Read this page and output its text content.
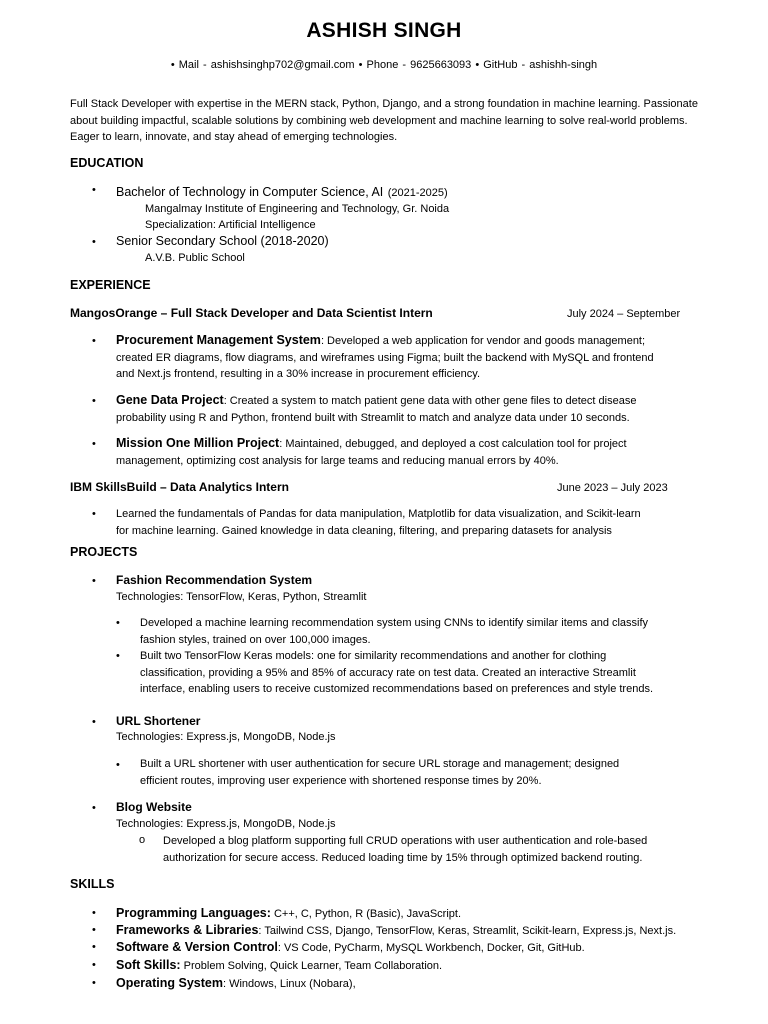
ASHISH SINGH
• Mail - ashishsinghp702@gmail.com • Phone - 9625663093 • GitHub - ashishh-singh
Full Stack Developer with expertise in the MERN stack, Python, Django, and a strong foundation in machine learning. Passionate about building impactful, scalable solutions by combining web development and machine learning to solve real-world problems. Eager to learn, innovate, and stay ahead of emerging technologies.
EDUCATION
• Bachelor of Technology in Computer Science, AI (2021-2025)
Mangalmay Institute of Engineering and Technology, Gr. Noida
Specialization: Artificial Intelligence
• Senior Secondary School (2018-2020)
A.V.B. Public School
EXPERIENCE
MangosOrange – Full Stack Developer and Data Scientist Intern	July 2024 – September
• Procurement Management System: Developed a web application for vendor and goods management;
created ER diagrams, flow diagrams, and wireframes using Figma; built the backend with MySQL and frontend
and Next.js frontend, resulting in a 30% increase in procurement efficiency.
• Gene Data Project: Created a system to match patient gene data with other gene files to detect disease
probability using R and Python, frontend built with Streamlit to match and analyze data under 10 seconds.
• Mission One Million Project: Maintained, debugged, and deployed a cost calculation tool for project
management, optimizing cost analysis for large teams and reducing manual errors by 40%.
IBM SkillsBuild – Data Analytics Intern	June 2023 – July 2023
• Learned the fundamentals of Pandas for data manipulation, Matplotlib for data visualization, and Scikit-learn
for machine learning. Gained knowledge in data cleaning, filtering, and preparing datasets for analysis
PROJECTS
• Fashion Recommendation System
Technologies: TensorFlow, Keras, Python, Streamlit
• Developed a machine learning recommendation system using CNNs to identify similar items and classify
fashion styles, trained on over 100,000 images.
• Built two TensorFlow Keras models: one for similarity recommendations and another for clothing
classification, providing a 95% and 85% of accuracy rate on test data. Created an interactive Streamlit
interface, enabling users to receive customized recommendations based on preferences and style trends.
• URL Shortener
Technologies: Express.js, MongoDB, Node.js
• Built a URL shortener with user authentication for secure URL storage and management; designed
efficient routes, improving user experience with shortened response times by 20%.
• Blog Website
Technologies: Express.js, MongoDB, Node.js
o Developed a blog platform supporting full CRUD operations with user authentication and role-based
authorization for secure access. Reduced loading time by 15% through optimized backend routing.
SKILLS
• Programming Languages: C++, C, Python, R (Basic), JavaScript.
• Frameworks & Libraries: Tailwind CSS, Django, TensorFlow, Keras, Streamlit, Scikit-learn, Express.js, Next.js.
• Software & Version Control: VS Code, PyCharm, MySQL Workbench, Docker, Git, GitHub.
• Soft Skills: Problem Solving, Quick Learner, Team Collaboration.
• Operating System: Windows, Linux (Nobara),
